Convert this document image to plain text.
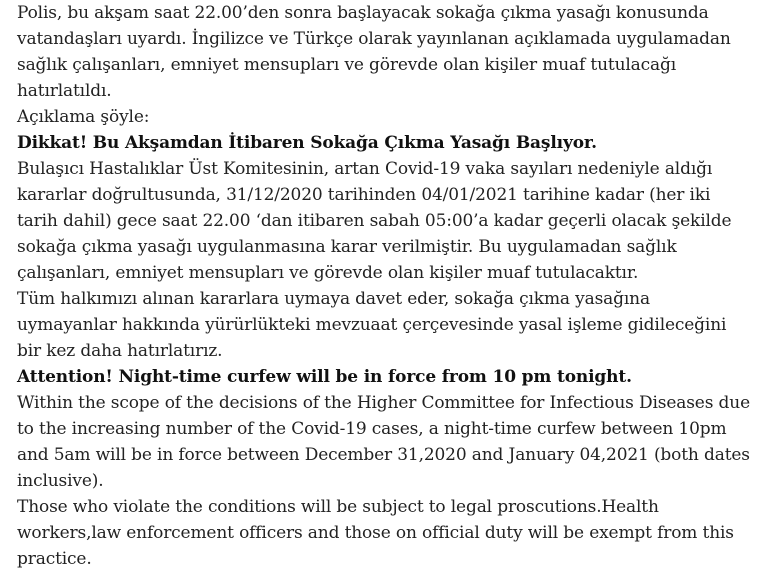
Polis, bu akşam saat 22.00’den sonra başlayacak sokağa çıkma yasağı konusunda vatandaşları uyardı. İngilizce ve Türkçe olarak yayınlanan açıklamada uygulamadan sağlık çalışanları, emniyet mensupları ve görevde olan kişiler muaf tutulacağı hatırlatıldı.

Açıklama şöyle:

Dikkat! Bu Akşamdan İtibaren Sokağa Çıkma Yasağı Başlıyor.

Bulaşıcı Hastalıklar Üst Komitesinin, artan Covid-19 vaka sayıları nedeniyle aldığı kararlar doğrultusunda, 31/12/2020 tarihinden 04/01/2021 tarihine kadar (her iki tarih dahil) gece saat 22.00 ‘dan itibaren sabah 05:00’a kadar geçerli olacak şekilde sokağa çıkma yasağı uygulanmasına karar verilmiştir. Bu uygulamadan sağlık çalışanları, emniyet mensupları ve görevde olan kişiler muaf tutulacaktır.

Tüm halkımızı alınan kararlara uymaya davet eder, sokağa çıkma yasağına uymayanlar hakkında yürürlükteki mevzuaat çerçevesinde yasal işleme gidileceğini bir kez daha hatırlatırız.

Attention! Night-time curfew will be in force from 10 pm tonight.

Within the scope of the decisions of the Higher Committee for Infectious Diseases due to the increasing number of the Covid-19 cases, a night-time curfew between 10pm and 5am will be in force between December 31,2020 and January 04,2021 (both dates inclusive).

Those who violate the conditions will be subject to legal proscutions.Health workers,law enforcement officers and those on official duty will be exempt from this practice.
